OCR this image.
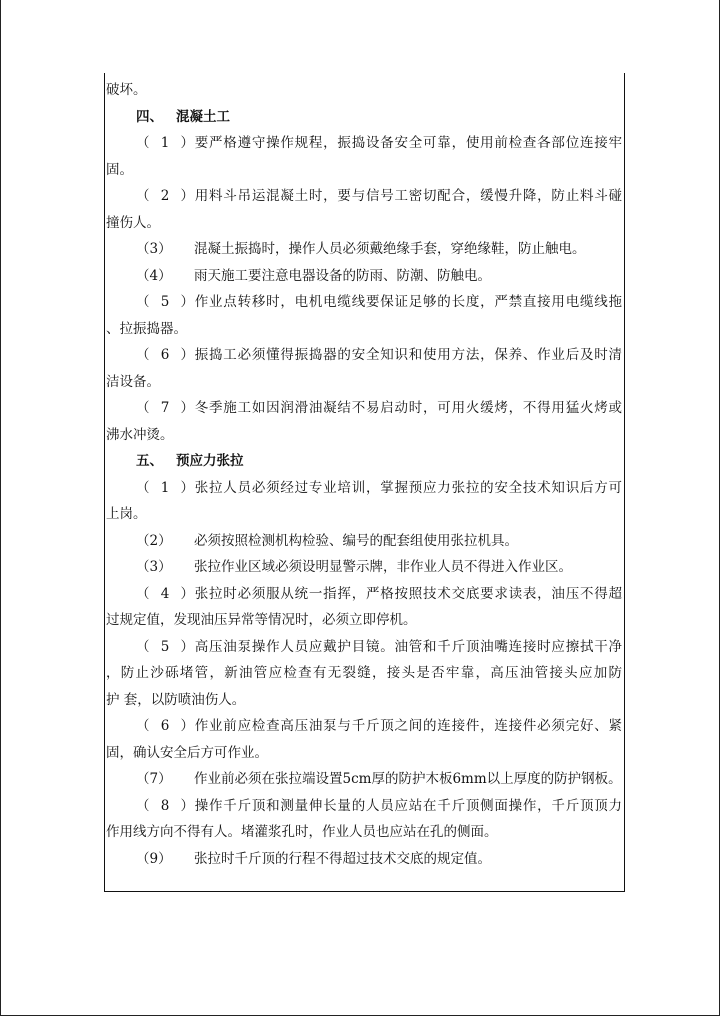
破坏。
四、 混凝土工
（1）要严格遵守操作规程，振捣设备安全可靠，使用前检查各部位连接牢
固。
（2）用料斗吊运混凝土时，要与信号工密切配合，缓慢升降，防止料斗碰
撞伤人。
（3） 混凝土振捣时，操作人员必须戴绝缘手套，穿绝缘鞋，防止触电。
（4） 雨天施工要注意电器设备的防雨、防潮、防触电。
（5）作业点转移时，电机电缆线要保证足够的长度，严禁直接用电缆线拖
、拉振捣器。
（6）振捣工必须懂得振捣器的安全知识和使用方法，保养、作业后及时清
洁设备。
（7）冬季施工如因润滑油凝结不易启动时，可用火缓烤，不得用猛火烤或
沸水冲烫。
五、 预应力张拉
（1）张拉人员必须经过专业培训，掌握预应力张拉的安全技术知识后方可
上岗。
（2） 必须按照检测机构检验、编号的配套组使用张拉机具。
（3） 张拉作业区域必须设明显警示牌，非作业人员不得进入作业区。
（4）张拉时必须服从统一指挥，严格按照技术交底要求读表，油压不得超
过规定值，发现油压异常等情况时，必须立即停机。
（5）高压油泵操作人员应戴护目镜。油管和千斤顶油嘴连接时应擦拭干净
，防止沙砾堵管，新油管应检查有无裂缝，接头是否牢靠，高压油管接头应加防
护 套，以防喷油伤人。
（6）作业前应检查高压油泵与千斤顶之间的连接件，连接件必须完好、紧
固，确认安全后方可作业。
（7） 作业前必须在张拉端设置5cm厚的防护木板6mm以上厚度的防护钢板。
（8）操作千斤顶和测量伸长量的人员应站在千斤顶侧面操作，千斤顶顶力
作用线方向不得有人。堵灌浆孔时，作业人员也应站在孔的侧面。
（9） 张拉时千斤顶的行程不得超过技术交底的规定值。
